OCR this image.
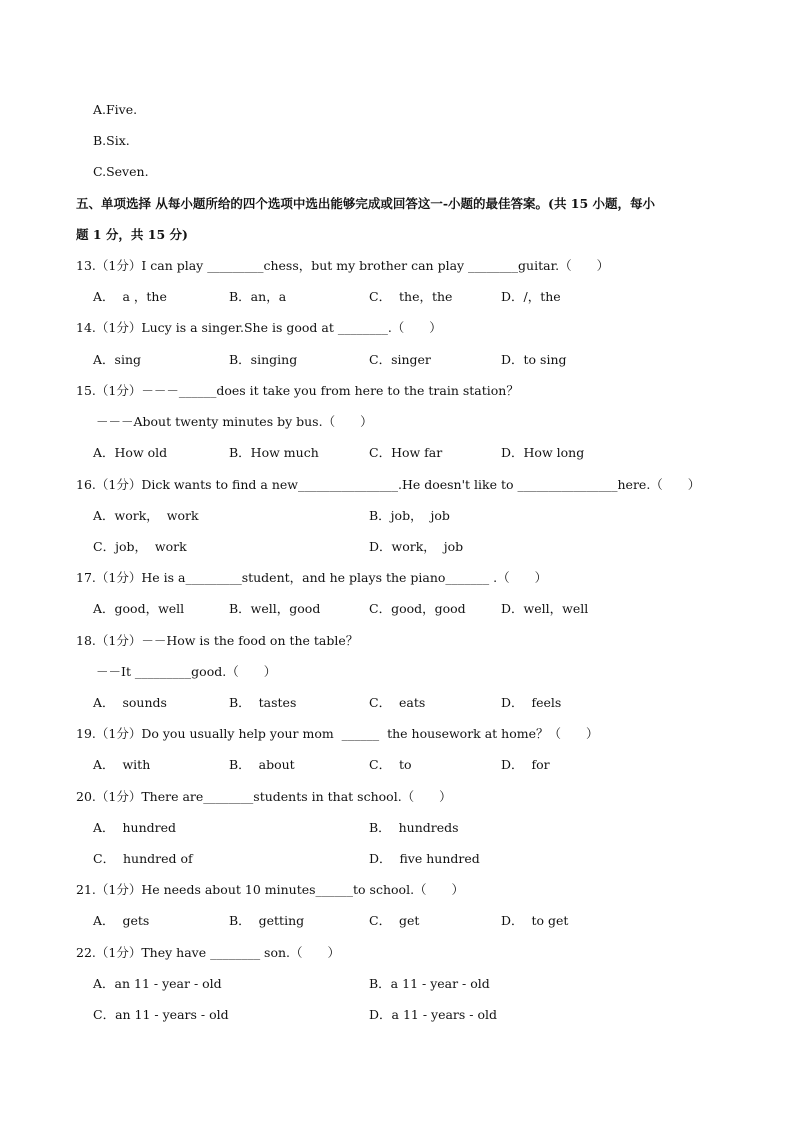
A.Five.
B.Six.
C.Seven.
五、单项选择 从每小题所给的四个选项中选出能够完成或回答这一-小题的最佳答案。(共 15 小题，每小
题 1 分，共 15 分)
13.（1分）I can play _________chess，but my brother can play ________guitar.（　　）
A．  a ，the	B．an，a	C．  the，the	D．/，the
14.（1分）Lucy is a singer.She is good at ________.（　　）
A．sing	B．singing	C．singer	D．to sing
15.（1分）－－－______does it take you from here to the train station？
－－－About twenty minutes by bus.（　　）
A．How old	B．How much	C．How far	D．How long
16.（1分）Dick wants to find a new________________.He doesn't like to ________________here.（　　）
A．work，  work	B．job，  job
C．job，  work	D．work，  job
17.（1分）He is a_________student，and he plays the piano_______ .（　　）
A．good，well	B．well，good	C．good，good	D．well，well
18.（1分）－－How is the food on the table？
－－It _________good.（　　）
A．  sounds	B．  tastes	C．  eats	D．  feels
19.（1分）Do you usually help your mom  ______  the housework at home？（　　）
A．  with	B．  about	C．  to	D．  for
20.（1分）There are________students in that school.（　　）
A．  hundred	B．  hundreds
C．  hundred of	D．  five hundred
21.（1分）He needs about 10 minutes______to school.（　　）
A．  gets	B．  getting	C．  get	D．  to get
22.（1分）They have ________ son.（　　）
A．an 11 - year - old	B．a 11 - year - old
C．an 11 - years - old	D．a 11 - years - old
